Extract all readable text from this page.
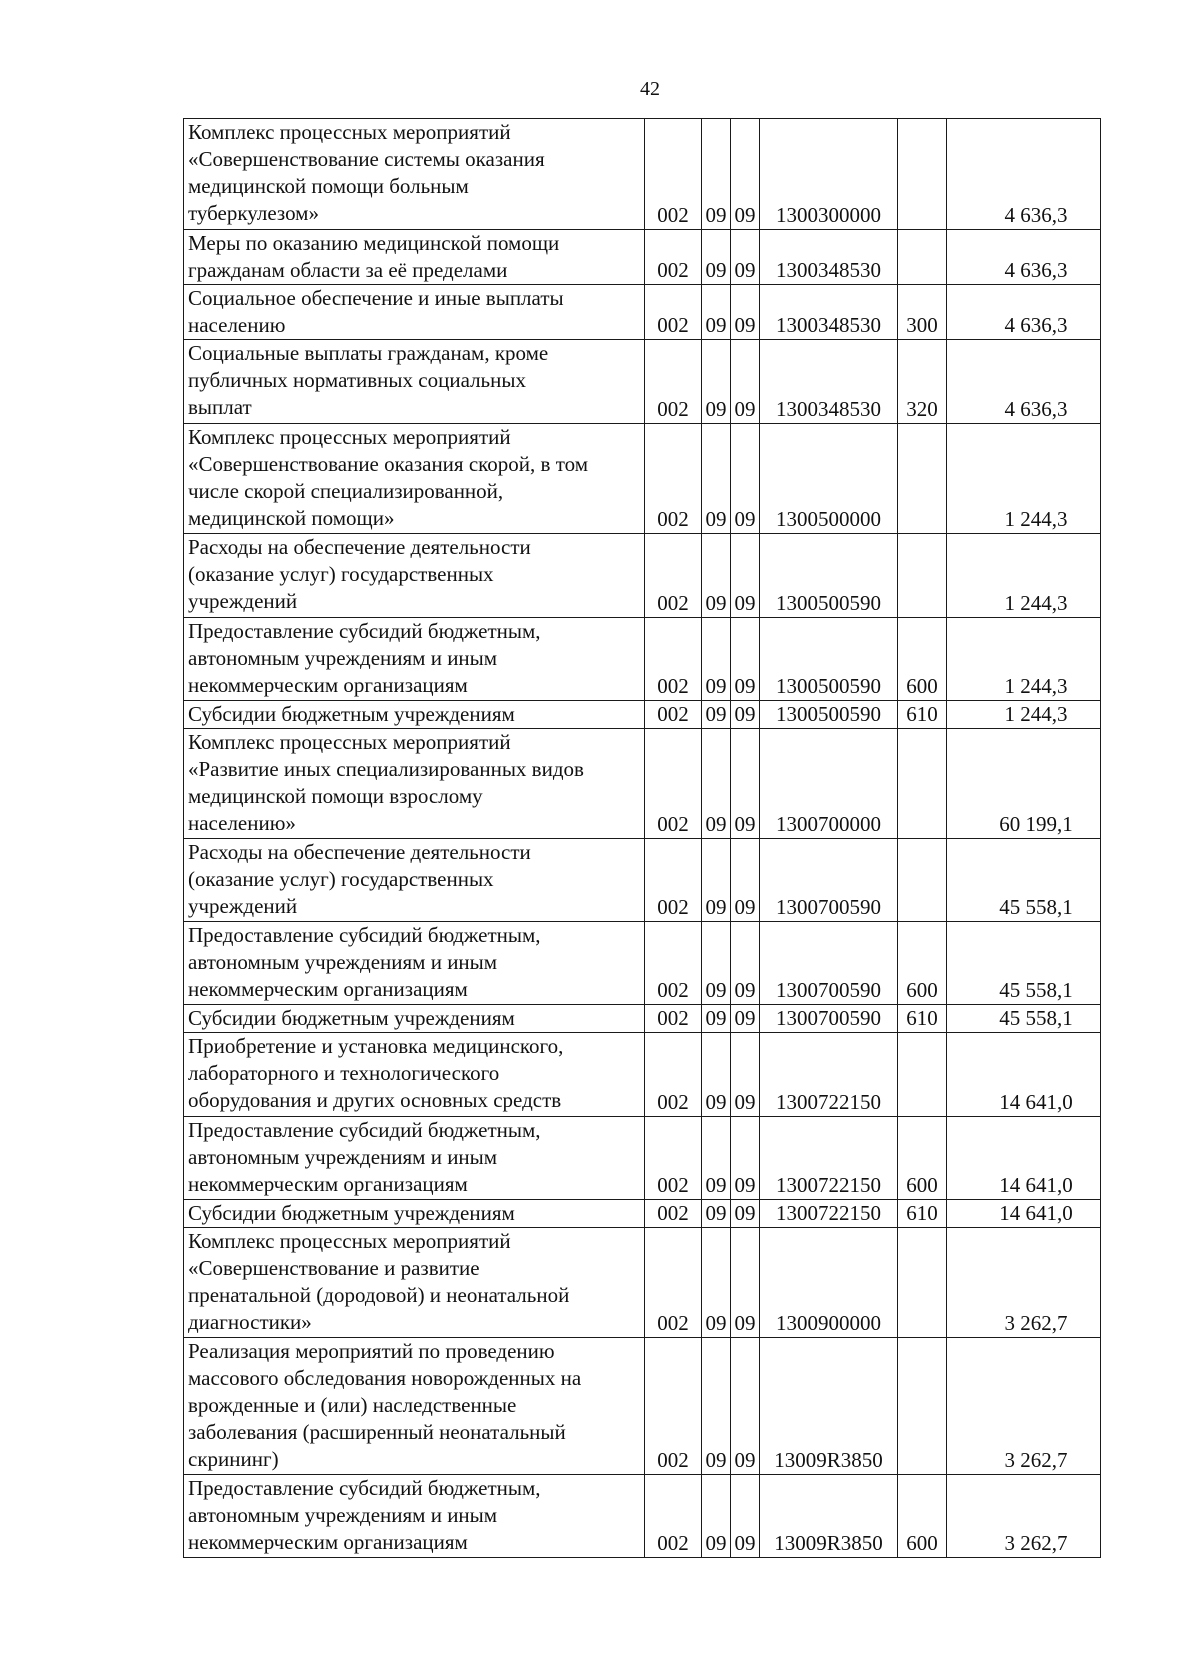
42
Комплекс процессных мероприятий
«Совершенствование системы оказания
медицинской помощи больным
туберкулезом»	002	09	09	1300300000		4 636,3
Меры по оказанию медицинской помощи
гражданам области за её пределами	002	09	09	1300348530		4 636,3
Социальное обеспечение и иные выплаты
населению	002	09	09	1300348530	300	4 636,3
Социальные выплаты гражданам, кроме
публичных нормативных социальных
выплат	002	09	09	1300348530	320	4 636,3
Комплекс процессных мероприятий
«Совершенствование оказания скорой, в том
числе скорой специализированной,
медицинской помощи»	002	09	09	1300500000		1 244,3
Расходы на обеспечение деятельности
(оказание услуг) государственных
учреждений	002	09	09	1300500590		1 244,3
Предоставление субсидий бюджетным,
автономным учреждениям и иным
некоммерческим организациям	002	09	09	1300500590	600	1 244,3
Субсидии бюджетным учреждениям	002	09	09	1300500590	610	1 244,3
Комплекс процессных мероприятий
«Развитие иных специализированных видов
медицинской помощи взрослому
населению»	002	09	09	1300700000		60 199,1
Расходы на обеспечение деятельности
(оказание услуг) государственных
учреждений	002	09	09	1300700590		45 558,1
Предоставление субсидий бюджетным,
автономным учреждениям и иным
некоммерческим организациям	002	09	09	1300700590	600	45 558,1
Субсидии бюджетным учреждениям	002	09	09	1300700590	610	45 558,1
Приобретение и установка медицинского,
лабораторного и технологического
оборудования и других основных средств	002	09	09	1300722150		14 641,0
Предоставление субсидий бюджетным,
автономным учреждениям и иным
некоммерческим организациям	002	09	09	1300722150	600	14 641,0
Субсидии бюджетным учреждениям	002	09	09	1300722150	610	14 641,0
Комплекс процессных мероприятий
«Совершенствование и развитие
пренатальной (дородовой) и неонатальной
диагностики»	002	09	09	1300900000		3 262,7
Реализация мероприятий по проведению
массового обследования новорожденных на
врожденные и (или) наследственные
заболевания (расширенный неонатальный
скрининг)	002	09	09	13009R3850		3 262,7
Предоставление субсидий бюджетным,
автономным учреждениям и иным
некоммерческим организациям	002	09	09	13009R3850	600	3 262,7
